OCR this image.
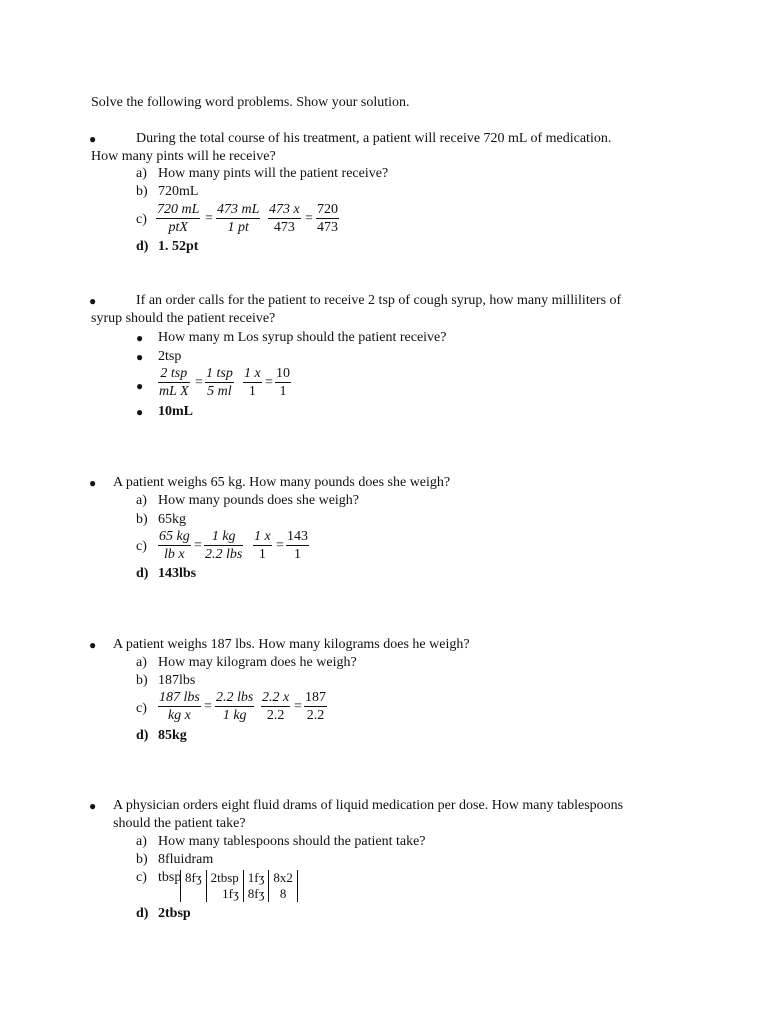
Solve the following word problems. Show your solution.
●	During the total course of his treatment, a patient will receive 720 mL of medication.
How many pints will he receive?
a) How many pints will the patient receive?
b) 720mL
c)
720 mL
ptX
=
473 mL
1 pt
473 x
473
=
720
473
d) 1. 52pt
●	If an order calls for the patient to receive 2 tsp of cough syrup, how many milliliters of
syrup should the patient receive?
● How many m Los syrup should the patient receive?
● 2tsp
●
2 tsp
mL X
=
1 tsp
5 ml
1 x
1
=
10
1
● 10mL
● A patient weighs 65 kg. How many pounds does she weigh?
a) How many pounds does she weigh?
b) 65kg
c)
65 kg
lb x
=
1 kg
2.2 lbs
1 x
1
=
143
1
d) 143lbs
● A patient weighs 187 lbs. How many kilograms does he weigh?
a) How may kilogram does he weigh?
b) 187lbs
c)
187 lbs
kg x
=
2.2 lbs
1 kg
2.2 x
2.2
=
187
2.2
d) 85kg
● A physician orders eight fluid drams of liquid medication per dose. How many tablespoons
should the patient take?
a) How many tablespoons should the patient take?
b) 8fluidram
c) tbsp 8fʒ	2tbsp	1fʒ	8x2	
	1fʒ	8fʒ	8	
d) 2tbsp
